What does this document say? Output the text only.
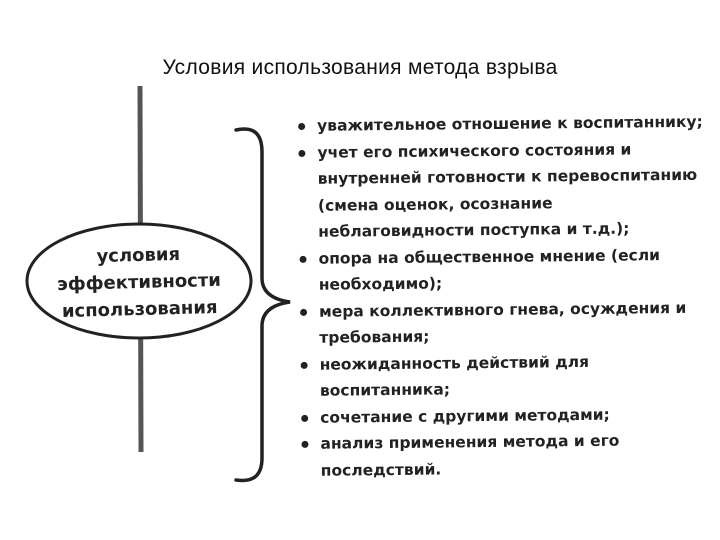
Условия использования метода взрыва
условия
эффективности
использования
уважительное отношение к воспитаннику;
учет его психического состояния и внутренней готовности к перевоспитанию (смена оценок, осознание неблаговидности поступка и т.д.);
опора на общественное мнение (если необходимо);
мера коллективного гнева, осуждения и требования;
неожиданность действий для воспитанника;
сочетание с другими методами;
анализ применения метода и его последствий.
